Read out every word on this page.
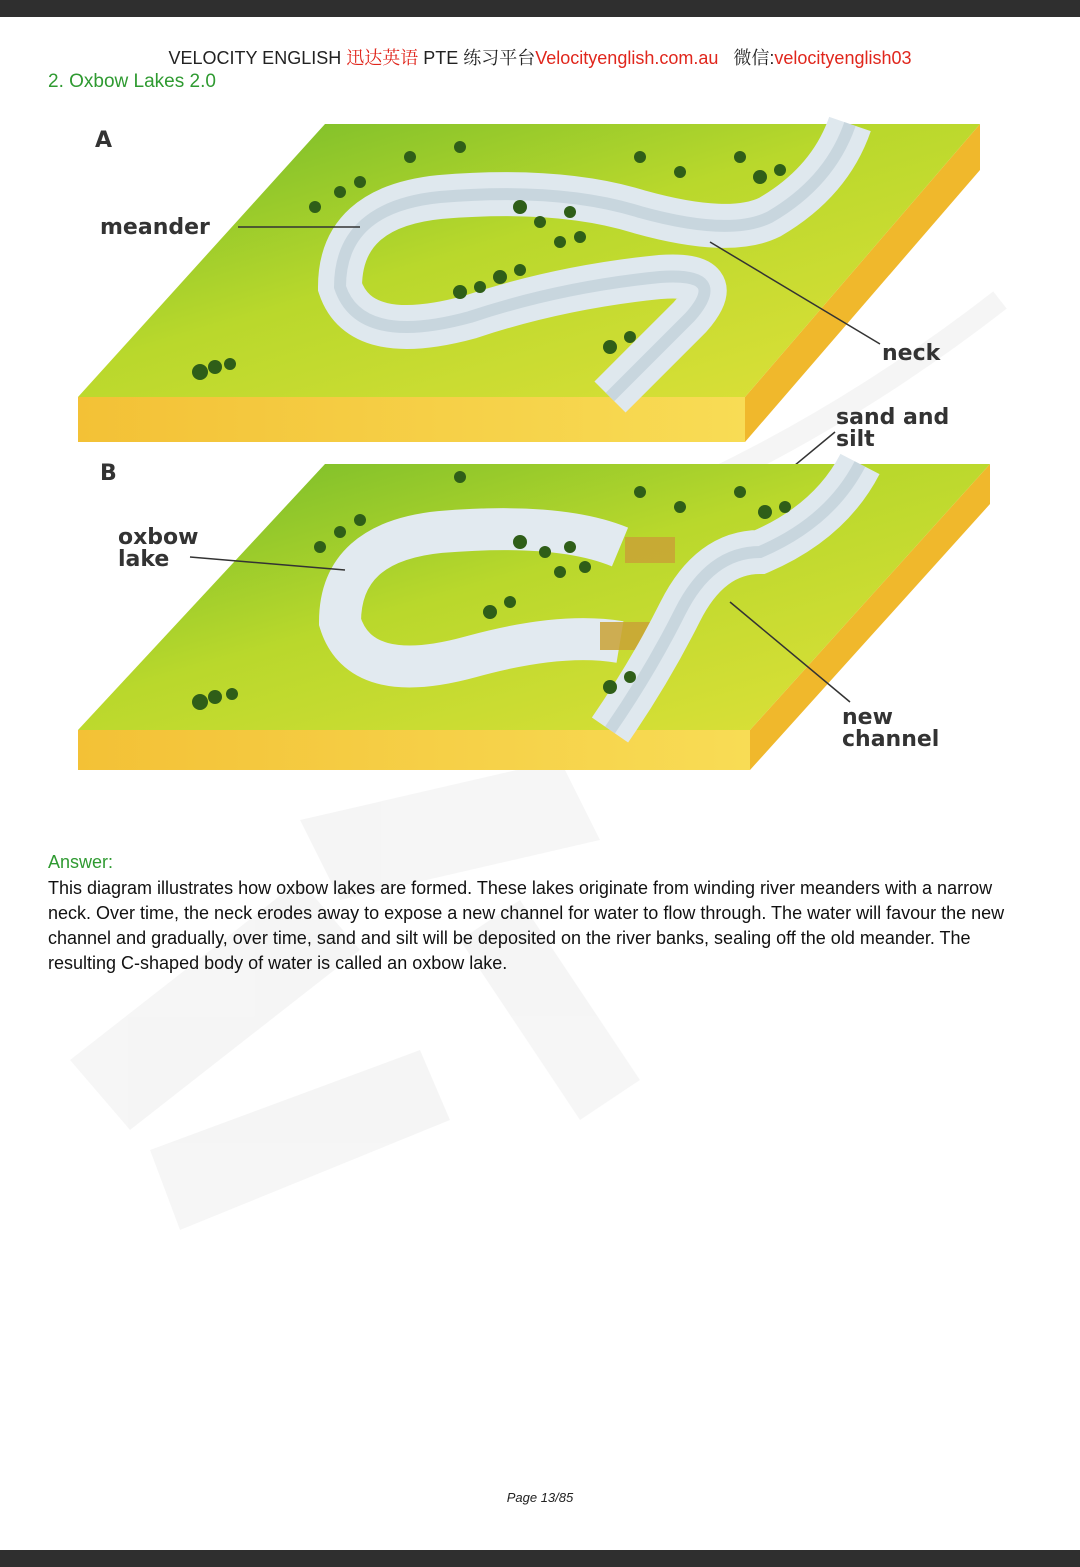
VELOCITY ENGLISH 迅达英语 PTE 练习平台Velocityenglish.com.au 微信:velocityenglish03
2. Oxbow Lakes 2.0
A
meander
neck
sand and
silt
B
oxbow
lake
new
channel
Answer:
This diagram illustrates how oxbow lakes are formed. These lakes originate from winding river meanders with a narrow neck. Over time, the neck erodes away to expose a new channel for water to flow through. The water will favour the new channel and gradually, over time, sand and silt will be deposited on the river banks, sealing off the old meander. The resulting C-shaped body of water is called an oxbow lake.
Page 13/85
